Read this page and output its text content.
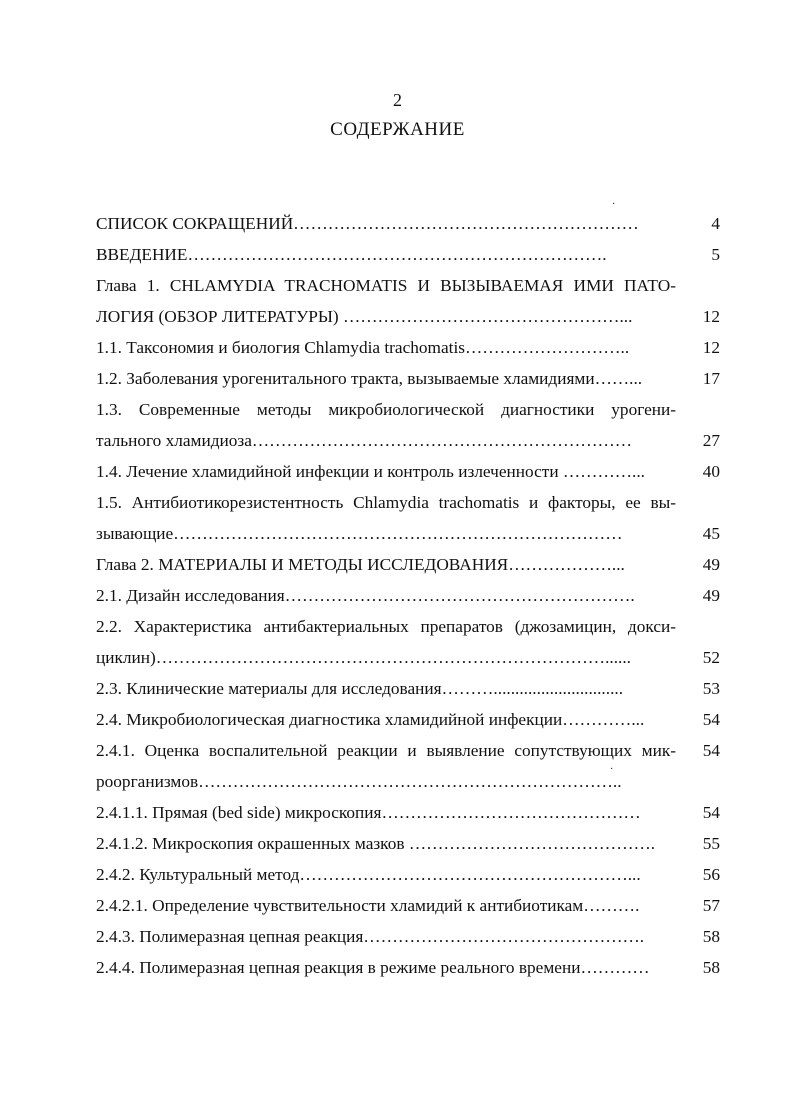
2
СОДЕРЖАНИЕ
СПИСОК СОКРАЩЕНИЙ……………………………………………………	4
ВВЕДЕНИЕ……………………………………………………………….	5
Глава 1. CHLAMYDIA TRACHOMATIS И ВЫЗЫВАЕМАЯ ИМИ ПАТО-
ЛОГИЯ (ОБЗОР ЛИТЕРАТУРЫ) …………………………………………...	12
1.1. Таксономия и биология Chlamydia trachomatis………………………..	12
1.2. Заболевания урогенитального тракта, вызываемые хламидиями……...	17
1.3. Современные методы микробиологической диагностики урогени-
тального хламидиоза…………………………………………………………	27
1.4. Лечение хламидийной инфекции и контроль излеченности …………...	40
1.5. Антибиотикорезистентность Chlamydia trachomatis и факторы, ее вы-
зывающие……………………………………………………………………	45
Глава 2. МАТЕРИАЛЫ И МЕТОДЫ ИССЛЕДОВАНИЯ………………...	49
2.1. Дизайн исследования…………………………………………………….	49
2.2. Характеристика антибактериальных препаратов (джозамицин, докси-
циклин)……………………………………………………………………......	52
2.3. Клинические материалы для исследования………..............................	53
2.4. Микробиологическая диагностика хламидийной инфекции…………...	54
2.4.1. Оценка воспалительной реакции и выявление сопутствующих мик-	54
роорганизмов………………………………………………………………..
2.4.1.1. Прямая (bed side) микроскопия………………………………………	54
2.4.1.2. Микроскопия окрашенных мазков …………………………………….	55
2.4.2. Культуральный метод…………………………………………………...	56
2.4.2.1. Определение чувствительности хламидий к антибиотикам……….	57
2.4.3. Полимеразная цепная реакция………………………………………….	58
2.4.4. Полимеразная цепная реакция в режиме реального времени…………	58
·
·
